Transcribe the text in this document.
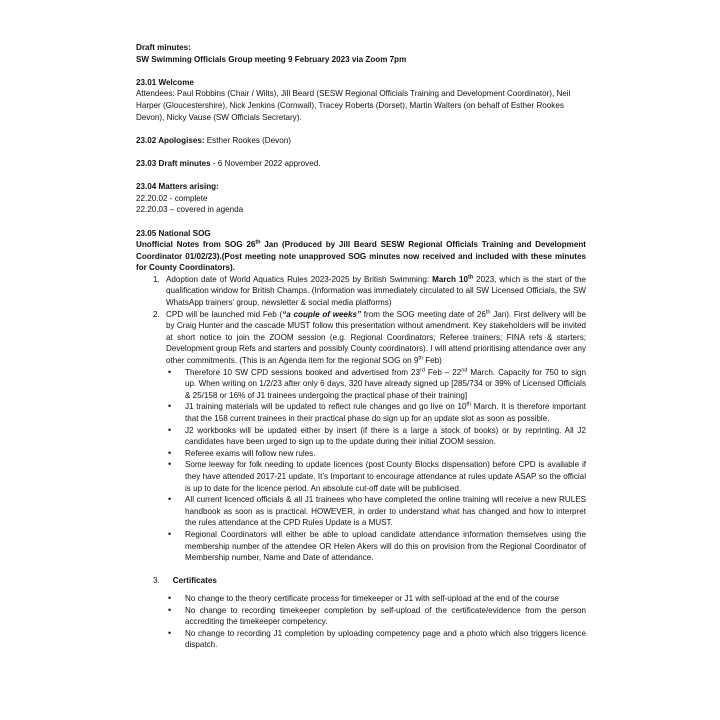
Draft minutes:

SW Swimming Officials Group meeting 9 February 2023 via Zoom 7pm

23.01 Welcome

Attendees: Paul Robbins (Chair / Wilts), Jill Beard (SESW Regional Officials Training and Development Coordinator), Neil Harper (Gloucestershire), Nick Jenkins (Cornwall), Tracey Roberts (Dorset), Martin Walters (on behalf of Esther Rookes Devon), Nicky Vause (SW Officials Secretary).

23.02 Apologises: Esther Rookes (Devon)

23.03 Draft minutes - 6 November 2022 approved.

23.04 Matters arising:

22.20.02 - complete

22.20.03 – covered in agenda

23.05 National SOG

Unofficial Notes from SOG 26th Jan (Produced by Jill Beard SESW Regional Officials Training and Development Coordinator 01/02/23).(Post meeting note unapproved SOG minutes now received and included with these minutes for County Coordinators).

1. Adoption date of World Aquatics Rules 2023-2025 by British Swimming: March 10th 2023, which is the start of the qualification window for British Champs. (Information was immediately circulated to all SW Licensed Officials, the SW WhatsApp trainers’ group, newsletter & social media platforms)
2. CPD will be launched mid Feb (“a couple of weeks” from the SOG meeting date of 26th Jan). First delivery will be by Craig Hunter and the cascade MUST follow this presentation without amendment. Key stakeholders will be invited at short notice to join the ZOOM session (e.g. Regional Coordinators; Referee trainers; FINA refs & starters; Development group Refs and starters and possibly County coordinators). I will attend prioritising attendance over any other commitments. (This is an Agenda item for the regional SOG on 9th Feb)
• Therefore 10 SW CPD sessions booked and advertised from 23rd Feb – 22nd March. Capacity for 750 to sign up. When writing on 1/2/23 after only 6 days, 320 have already signed up [285/734 or 39% of Licensed Officials & 25/158 or 16% of J1 trainees undergoing the practical phase of their training]
• J1 training materials will be updated to reflect rule changes and go live on 10th March. It is therefore important that the 158 current trainees in their practical phase do sign up for an update slot as soon as possible.
• J2 workbooks will be updated either by insert (if there is a large a stock of books) or by reprinting. All J2 candidates have been urged to sign up to the update during their initial ZOOM session.
• Referee exams will follow new rules.
• Some leeway for folk needing to update licences (post County Blocks dispensation) before CPD is available if they have attended 2017-21 update. It’s Important to encourage attendance at rules update ASAP so the official is up to date for the licence period. An absolute cut-off date will be publicised.
• All current licenced officials & all J1 trainees who have completed the online training will receive a new RULES handbook as soon as is practical. HOWEVER, in order to understand what has changed and how to interpret the rules attendance at the CPD Rules Update is a MUST.
• Regional Coordinators will either be able to upload candidate attendance information themselves using the membership number of the attendee OR Helen Akers will do this on provision from the Regional Coordinator of Membership number, Name and Date of attendance.

3. Certificates

• No change to the theory certificate process for timekeeper or J1 with self-upload at the end of the course
• No change to recording timekeeper completion by self-upload of the certificate/evidence from the person accrediting the timekeeper competency.
• No change to recording J1 completion by uploading competency page and a photo which also triggers licence dispatch.
